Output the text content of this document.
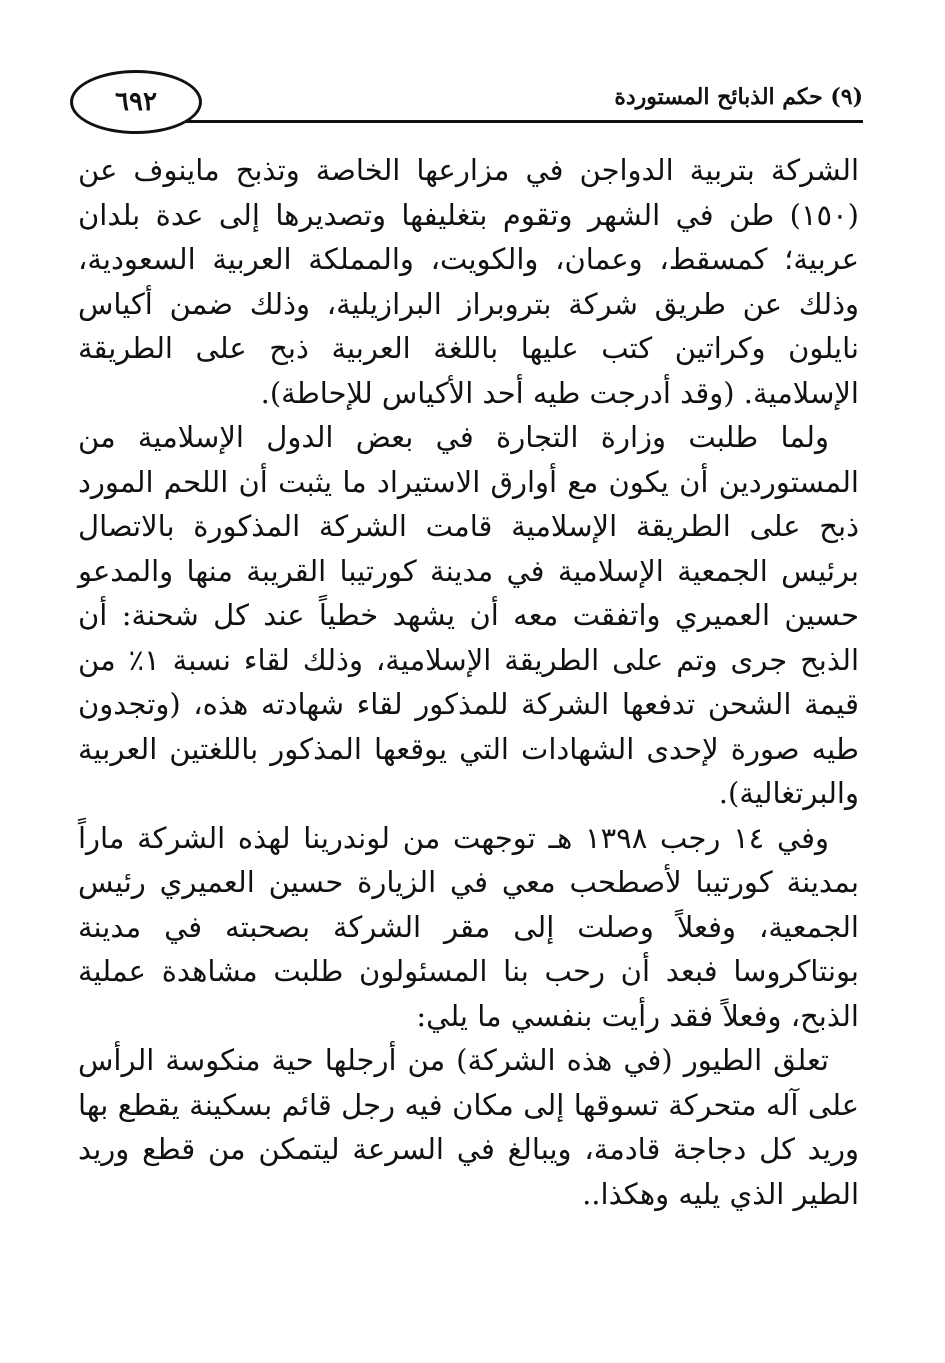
٦٩٢	(٩) حكم الذبائح المستوردة

الشركة بتربية الدواجن في مزارعها الخاصة وتذبح ماينوف عن (١٥٠) طن في الشهر وتقوم بتغليفها وتصديرها إلى عدة بلدان عربية؛ كمسقط، وعمان، والكويت، والمملكة العربية السعودية، وذلك عن طريق شركة بتروبراز البرازيلية، وذلك ضمن أكياس نايلون وكراتين كتب عليها باللغة العربية ذبح على الطريقة الإسلامية. (وقد أدرجت طيه أحد الأكياس للإحاطة).

ولما طلبت وزارة التجارة في بعض الدول الإسلامية من المستوردين أن يكون مع أوارق الاستيراد ما يثبت أن اللحم المورد ذبح على الطريقة الإسلامية قامت الشركة المذكورة بالاتصال برئيس الجمعية الإسلامية في مدينة كورتيبا القريبة منها والمدعو حسين العميري واتفقت معه أن يشهد خطياً عند كل شحنة: أن الذبح جرى وتم على الطريقة الإسلامية، وذلك لقاء نسبة ١٪ من قيمة الشحن تدفعها الشركة للمذكور لقاء شهادته هذه، (وتجدون طيه صورة لإحدى الشهادات التي يوقعها المذكور باللغتين العربية والبرتغالية).

وفي ١٤ رجب ١٣٩٨ هـ توجهت من لوندرينا لهذه الشركة ماراً بمدينة كورتيبا لأصطحب معي في الزيارة حسين العميري رئيس الجمعية، وفعلاً وصلت إلى مقر الشركة بصحبته في مدينة بونتاكروسا فبعد أن رحب بنا المسئولون طلبت مشاهدة عملية الذبح، وفعلاً فقد رأيت بنفسي ما يلي:

تعلق الطيور (في هذه الشركة) من أرجلها حية منكوسة الرأس على آله متحركة تسوقها إلى مكان فيه رجل قائم بسكينة يقطع بها وريد كل دجاجة قادمة، ويبالغ في السرعة ليتمكن من قطع وريد الطير الذي يليه وهكذا..
